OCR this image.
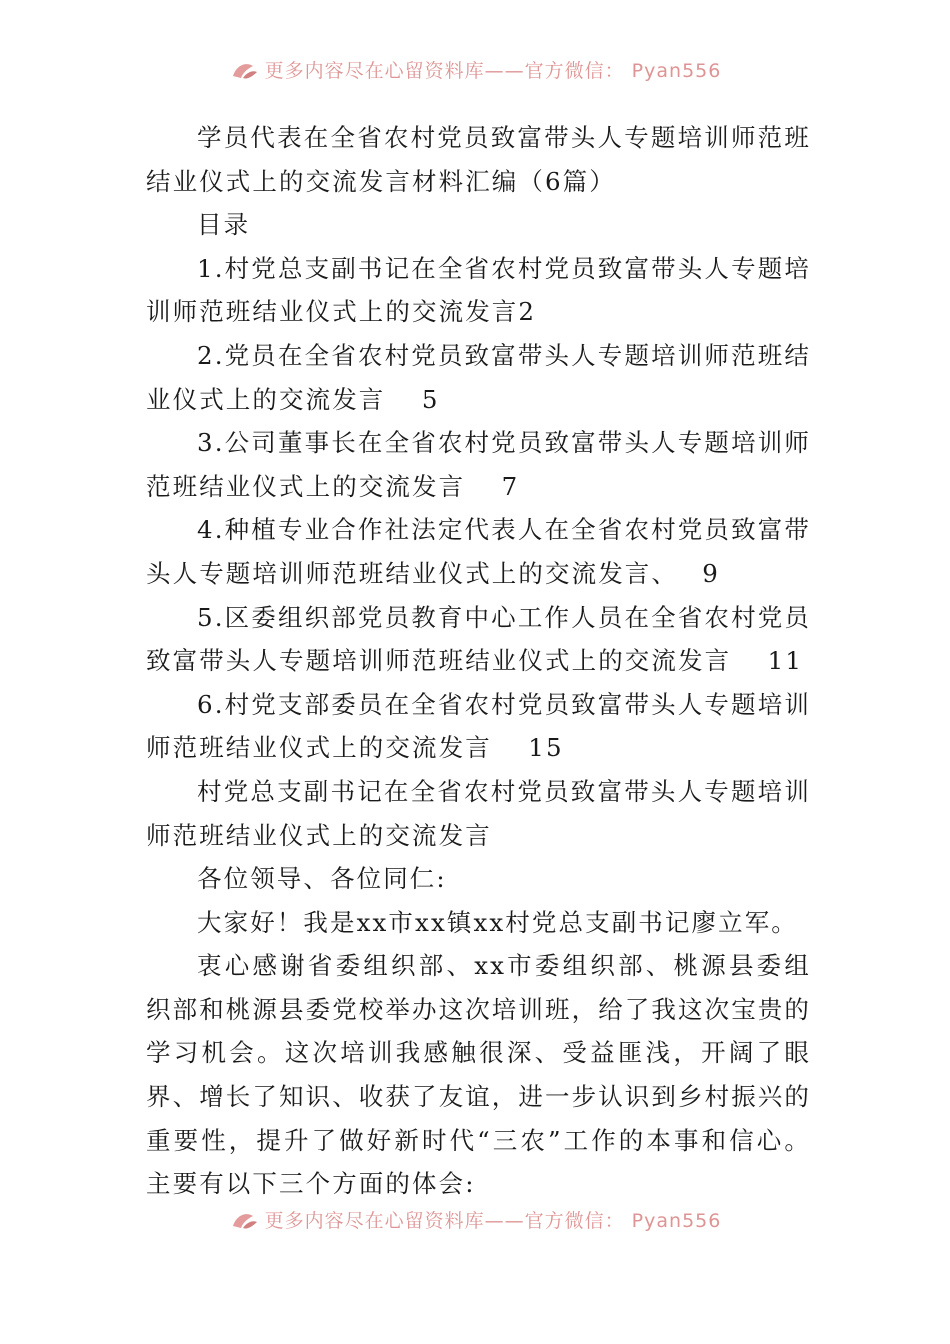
更多内容尽在心留资料库——官方微信： Pyan556

学员代表在全省农村党员致富带头人专题培训师范班结业仪式上的交流发言材料汇编（6篇）

目录

1.村党总支副书记在全省农村党员致富带头人专题培训师范班结业仪式上的交流发言2

2.党员在全省农村党员致富带头人专题培训师范班结业仪式上的交流发言　 5

3.公司董事长在全省农村党员致富带头人专题培训师范班结业仪式上的交流发言　 7

4.种植专业合作社法定代表人在全省农村党员致富带头人专题培训师范班结业仪式上的交流发言、　 9

5.区委组织部党员教育中心工作人员在全省农村党员致富带头人专题培训师范班结业仪式上的交流发言　 11

6.村党支部委员在全省农村党员致富带头人专题培训师范班结业仪式上的交流发言　 15

村党总支副书记在全省农村党员致富带头人专题培训师范班结业仪式上的交流发言

各位领导、各位同仁:

大家好！我是xx市xx镇xx村党总支副书记廖立军。

衷心感谢省委组织部、xx市委组织部、桃源县委组织部和桃源县委党校举办这次培训班，给了我这次宝贵的学习机会。这次培训我感触很深、受益匪浅，开阔了眼界、增长了知识、收获了友谊，进一步认识到乡村振兴的重要性，提升了做好新时代“三农”工作的本事和信心。主要有以下三个方面的体会:

更多内容尽在心留资料库——官方微信： Pyan556
